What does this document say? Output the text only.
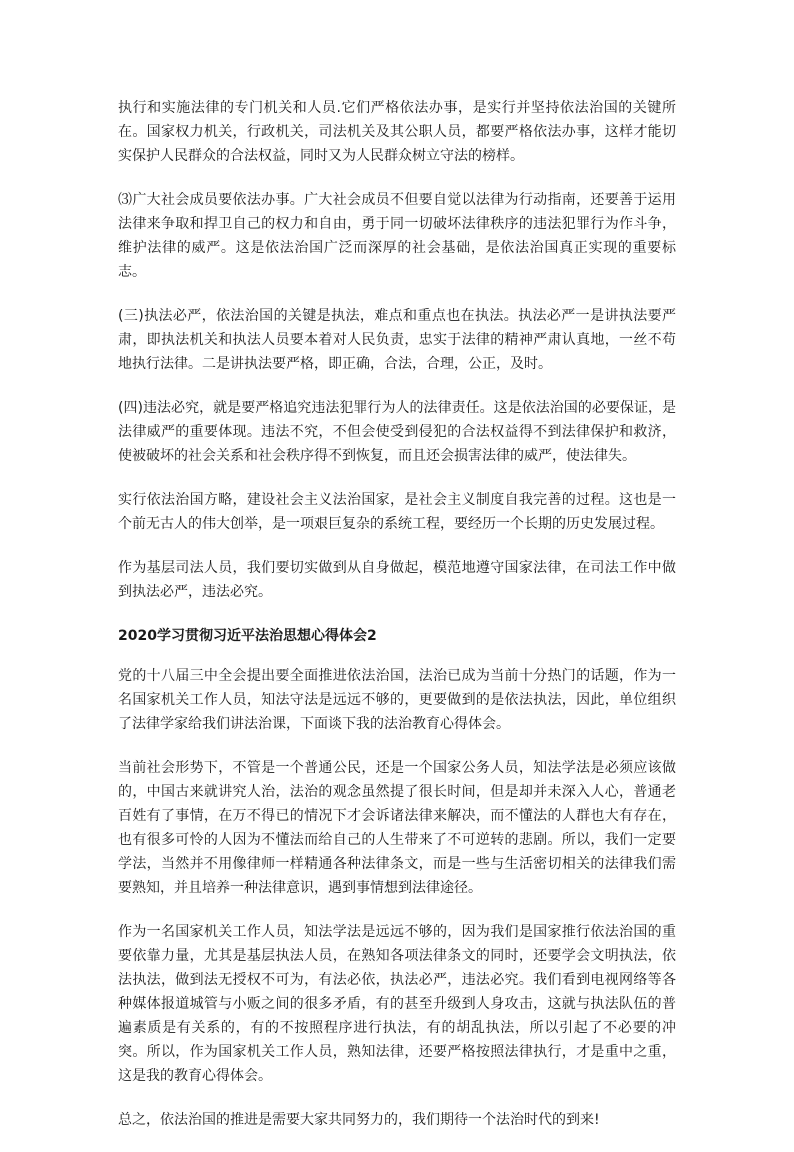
执行和实施法律的专门机关和人员.它们严格依法办事，是实行并坚持依法治国的关键所在。国家权力机关，行政机关，司法机关及其公职人员，都要严格依法办事，这样才能切实保护人民群众的合法权益，同时又为人民群众树立守法的榜样。

⑶广大社会成员要依法办事。广大社会成员不但要自觉以法律为行动指南，还要善于运用法律来争取和捍卫自己的权力和自由，勇于同一切破坏法律秩序的违法犯罪行为作斗争，维护法律的威严。这是依法治国广泛而深厚的社会基础，是依法治国真正实现的重要标志。

(三)执法必严，依法治国的关键是执法，难点和重点也在执法。执法必严一是讲执法要严肃，即执法机关和执法人员要本着对人民负责，忠实于法律的精神严肃认真地，一丝不苟地执行法律。二是讲执法要严格，即正确，合法，合理，公正，及时。

(四)违法必究，就是要严格追究违法犯罪行为人的法律责任。这是依法治国的必要保证，是法律威严的重要体现。违法不究，不但会使受到侵犯的合法权益得不到法律保护和救济，使被破坏的社会关系和社会秩序得不到恢复，而且还会损害法律的威严，使法律失。

实行依法治国方略，建设社会主义法治国家，是社会主义制度自我完善的过程。这也是一个前无古人的伟大创举，是一项艰巨复杂的系统工程，要经历一个长期的历史发展过程。

作为基层司法人员，我们要切实做到从自身做起，模范地遵守国家法律，在司法工作中做到执法必严，违法必究。

2020学习贯彻习近平法治思想心得体会2

党的十八届三中全会提出要全面推进依法治国，法治已成为当前十分热门的话题，作为一名国家机关工作人员，知法守法是远远不够的，更要做到的是依法执法，因此，单位组织了法律学家给我们讲法治课，下面谈下我的法治教育心得体会。

当前社会形势下，不管是一个普通公民，还是一个国家公务人员，知法学法是必须应该做的，中国古来就讲究人治，法治的观念虽然提了很长时间，但是却并未深入人心，普通老百姓有了事情，在万不得已的情况下才会诉诸法律来解决，而不懂法的人群也大有存在，也有很多可怜的人因为不懂法而给自己的人生带来了不可逆转的悲剧。所以，我们一定要学法，当然并不用像律师一样精通各种法律条文，而是一些与生活密切相关的法律我们需要熟知，并且培养一种法律意识，遇到事情想到法律途径。

作为一名国家机关工作人员，知法学法是远远不够的，因为我们是国家推行依法治国的重要依靠力量，尤其是基层执法人员，在熟知各项法律条文的同时，还要学会文明执法，依法执法，做到法无授权不可为，有法必依，执法必严，违法必究。我们看到电视网络等各种媒体报道城管与小贩之间的很多矛盾，有的甚至升级到人身攻击，这就与执法队伍的普遍素质是有关系的，有的不按照程序进行执法，有的胡乱执法，所以引起了不必要的冲突。所以，作为国家机关工作人员，熟知法律，还要严格按照法律执行，才是重中之重，这是我的教育心得体会。

总之，依法治国的推进是需要大家共同努力的，我们期待一个法治时代的到来!
